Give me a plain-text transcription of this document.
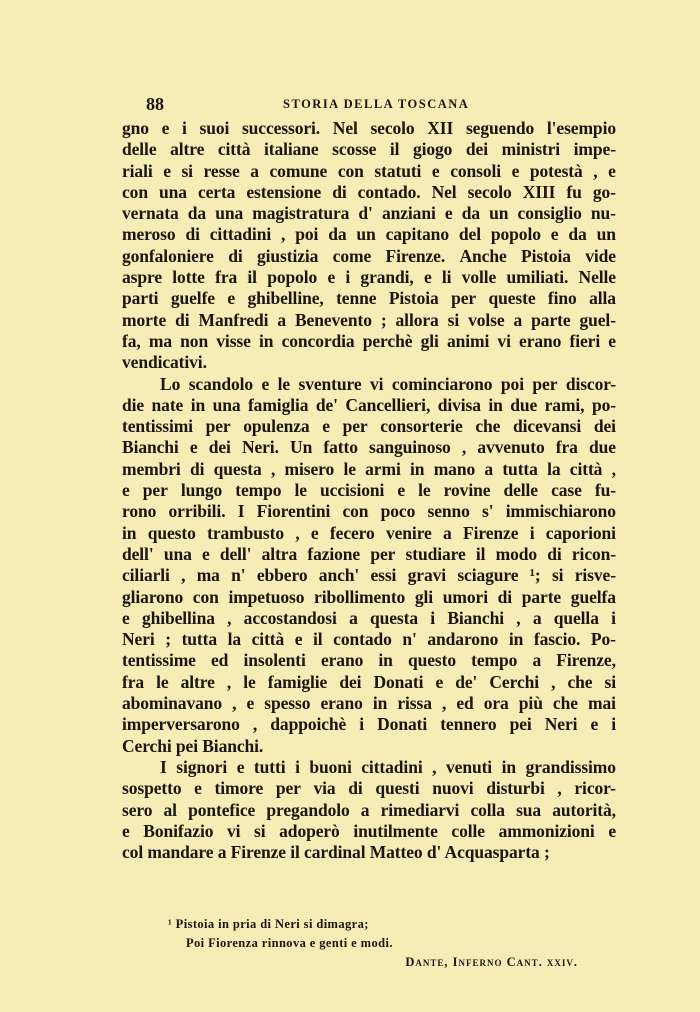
88	STORIA DELLA TOSCANA
gno e i suoi successori. Nel secolo XII seguendo l'esempio
delle altre città italiane scosse il giogo dei ministri impe-
riali e si resse a comune con statuti e consoli e potestà , e
con una certa estensione di contado. Nel secolo XIII fu go-
vernata da una magistratura d' anziani e da un consiglio nu-
meroso di cittadini , poi da un capitano del popolo e da un
gonfaloniere di giustizia come Firenze. Anche Pistoia vide
aspre lotte fra il popolo e i grandi, e li volle umiliati. Nelle
parti guelfe e ghibelline, tenne Pistoia per queste fino alla
morte di Manfredi a Benevento ; allora si volse a parte guel-
fa, ma non visse in concordia perchè gli animi vi erano fieri e
vendicativi.
Lo scandolo e le sventure vi cominciarono poi per discor-
die nate in una famiglia de' Cancellieri, divisa in due rami, po-
tentissimi per opulenza e per consorterie che dicevansi dei
Bianchi e dei Neri. Un fatto sanguinoso , avvenuto fra due
membri di questa , misero le armi in mano a tutta la città ,
e per lungo tempo le uccisioni e le rovine delle case fu-
rono orribili. I Fiorentini con poco senno s' immischiarono
in questo trambusto , e fecero venire a Firenze i caporioni
dell' una e dell' altra fazione per studiare il modo di ricon-
ciliarli , ma n' ebbero anch' essi gravi sciagure ¹; si risve-
gliarono con impetuoso ribollimento gli umori di parte guelfa
e ghibellina , accostandosi a questa i Bianchi , a quella i
Neri ; tutta la città e il contado n' andarono in fascio. Po-
tentissime ed insolenti erano in questo tempo a Firenze,
fra le altre , le famiglie dei Donati e de' Cerchi , che si
abominavano , e spesso erano in rissa , ed ora più che mai
imperversarono , dappoichè i Donati tennero pei Neri e i
Cerchi pei Bianchi.
I signori e tutti i buoni cittadini , venuti in grandissimo
sospetto e timore per via di questi nuovi disturbi , ricor-
sero al pontefice pregandolo a rimediarvi colla sua autorità,
e Bonifazio vi si adoperò inutilmente colle ammonizioni e
col mandare a Firenze il cardinal Matteo d' Acquasparta ;
¹ Pistoia in pria di Neri si dimagra;
Poi Fiorenza rinnova e genti e modi.
Dante, Inferno Cant. xxiv.
